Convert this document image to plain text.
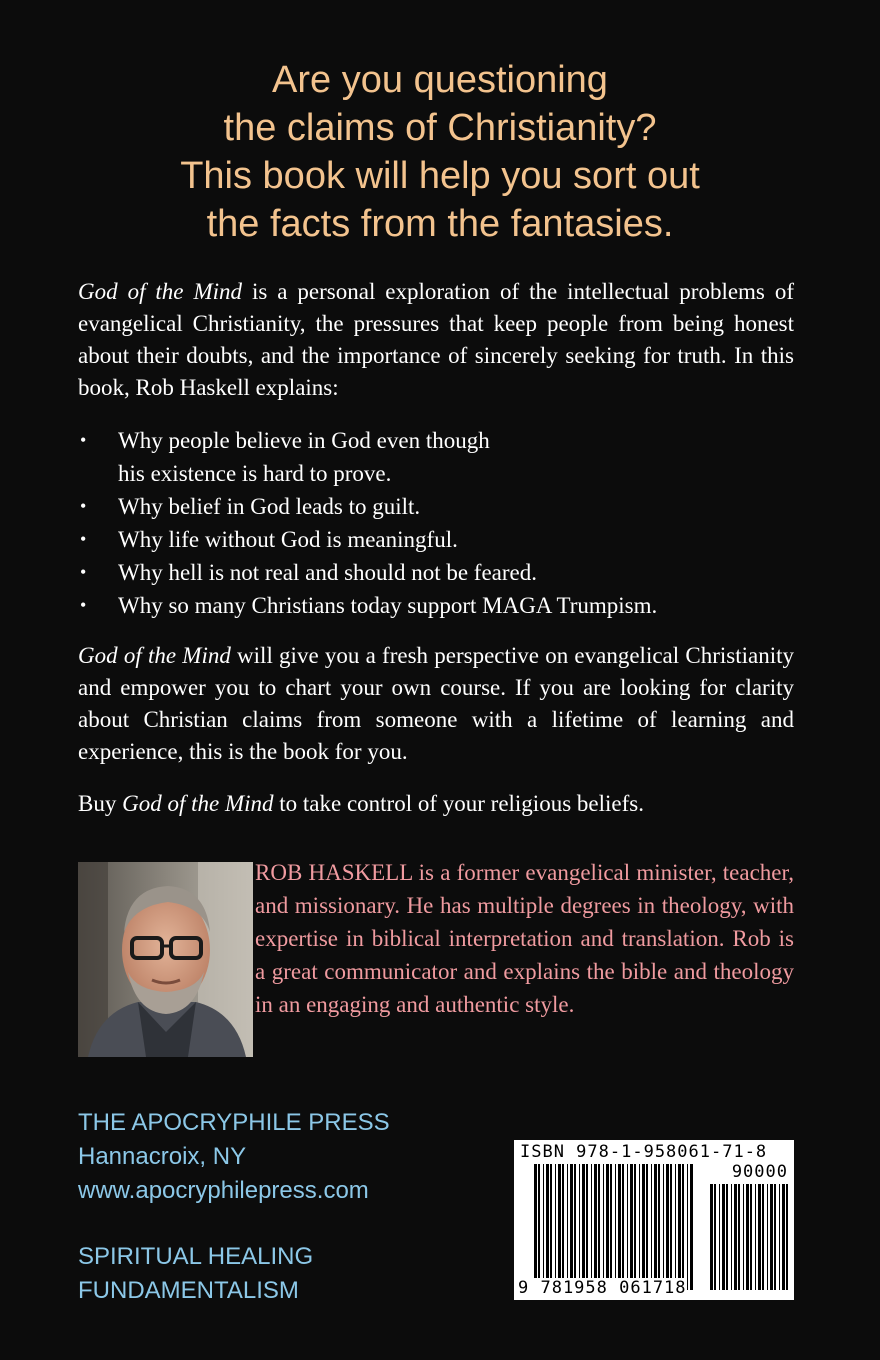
Are you questioning
the claims of Christianity?
This book will help you sort out
the facts from the fantasies.

God of the Mind is a personal exploration of the intellectual problems of evangelical Christianity, the pressures that keep people from being honest about their doubts, and the importance of sincerely seeking for truth. In this book, Rob Haskell explains:

• Why people believe in God even though
his existence is hard to prove.
• Why belief in God leads to guilt.
• Why life without God is meaningful.
• Why hell is not real and should not be feared.
• Why so many Christians today support MAGA Trumpism.

God of the Mind will give you a fresh perspective on evangelical Christianity and empower you to chart your own course. If you are looking for clarity about Christian claims from someone with a lifetime of learning and experience, this is the book for you.

Buy God of the Mind to take control of your religious beliefs.

ROB HASKELL is a former evangelical minister, teacher, and missionary. He has multiple degrees in theology, with expertise in biblical interpretation and translation. Rob is a great communicator and explains the bible and theology in an engaging and authentic style.

THE APOCRYPHILE PRESS
Hannacroix, NY
www.apocryphilepress.com
SPIRITUAL HEALING
FUNDAMENTALISM
ISBN 978-1-958061-71-8
90000
9 781958 061718
